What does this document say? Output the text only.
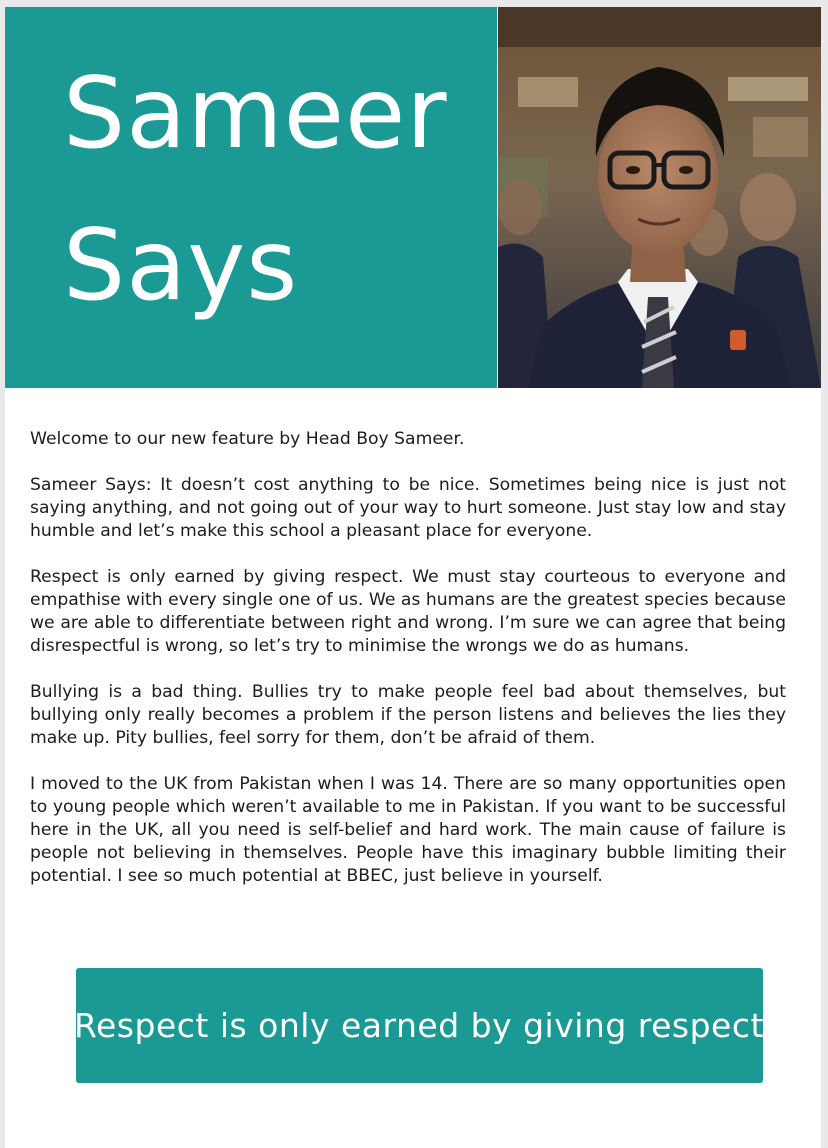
Sameer
Says

Welcome to our new feature by Head Boy Sameer.

Sameer Says: It doesn’t cost anything to be nice. Sometimes being nice is just not saying anything, and not going out of your way to hurt someone. Just stay low and stay humble and let’s make this school a pleasant place for everyone.

Respect is only earned by giving respect. We must stay courteous to everyone and empathise with every single one of us. We as humans are the greatest species because we are able to differentiate between right and wrong. I’m sure we can agree that being disrespectful is wrong, so let’s try to minimise the wrongs we do as humans.

Bullying is a bad thing. Bullies try to make people feel bad about themselves, but bullying only really becomes a problem if the person listens and believes the lies they make up. Pity bullies, feel sorry for them, don’t be afraid of them.

I moved to the UK from Pakistan when I was 14. There are so many opportunities open to young people which weren’t available to me in Pakistan. If you want to be successful here in the UK, all you need is self-belief and hard work. The main cause of failure is people not believing in themselves. People have this imaginary bubble limiting their potential. I see so much potential at BBEC, just believe in yourself.

“Respect is only earned by giving respect”
